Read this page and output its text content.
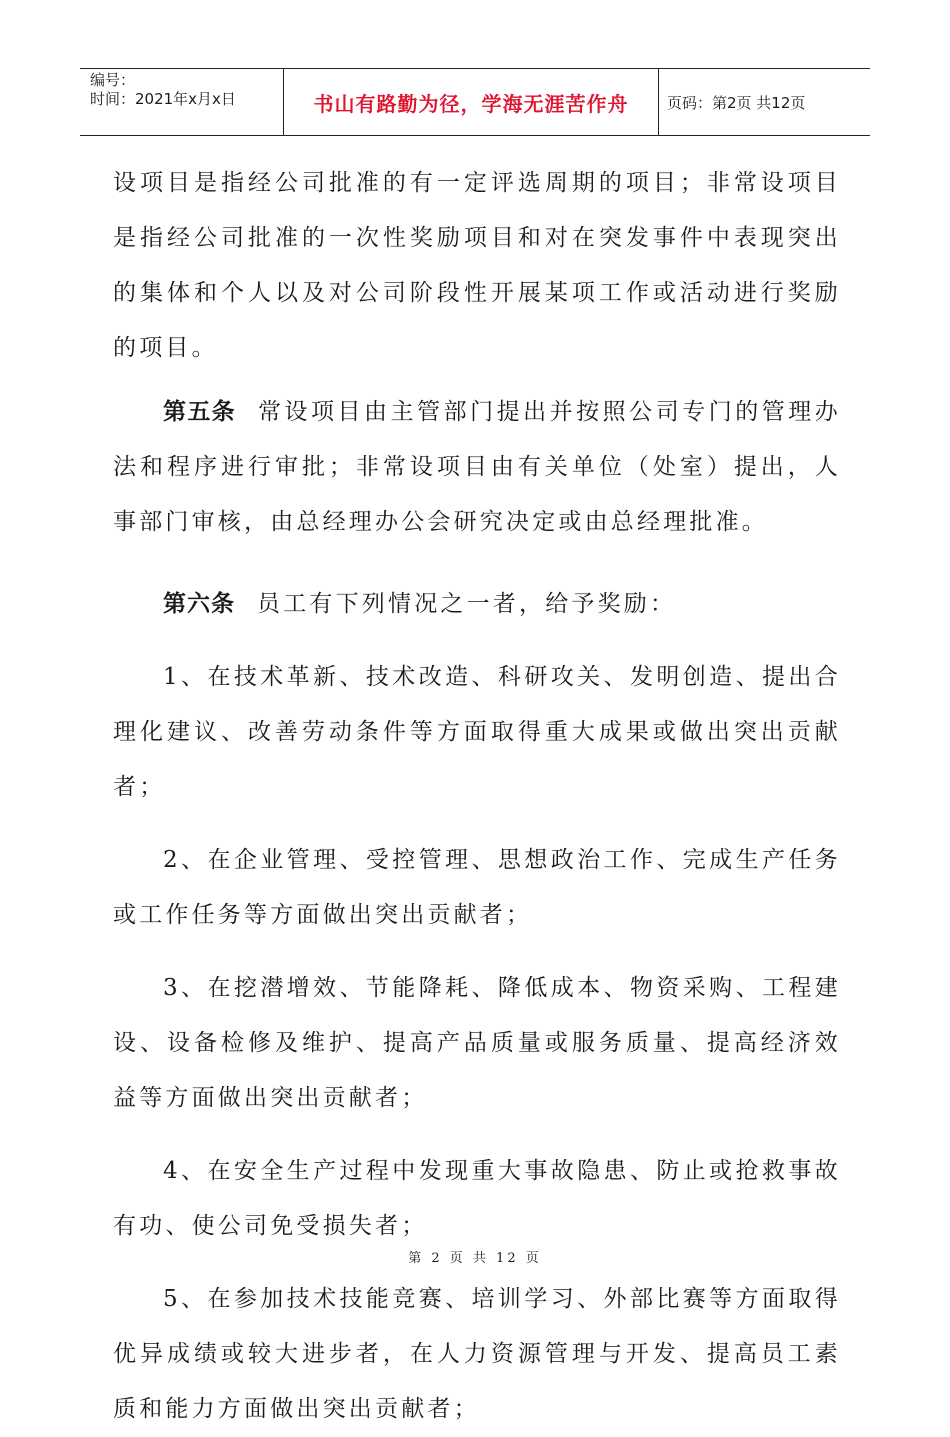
编号：
时间：2021年x月x日	书山有路勤为径，学海无涯苦作舟	页码：第2页 共12页

设项目是指经公司批准的有一定评选周期的项目；非常设项目是指经公司批准的一次性奖励项目和对在突发事件中表现突出的集体和个人以及对公司阶段性开展某项工作或活动进行奖励的项目。

第五条 常设项目由主管部门提出并按照公司专门的管理办法和程序进行审批；非常设项目由有关单位（处室）提出，人事部门审核，由总经理办公会研究决定或由总经理批准。

第六条 员工有下列情况之一者，给予奖励：

1、在技术革新、技术改造、科研攻关、发明创造、提出合理化建议、改善劳动条件等方面取得重大成果或做出突出贡献者；

2、在企业管理、受控管理、思想政治工作、完成生产任务或工作任务等方面做出突出贡献者；

3、在挖潜增效、节能降耗、降低成本、物资采购、工程建设、设备检修及维护、提高产品质量或服务质量、提高经济效益等方面做出突出贡献者；

4、在安全生产过程中发现重大事故隐患、防止或抢救事故有功、使公司免受损失者；

5、在参加技术技能竞赛、培训学习、外部比赛等方面取得优异成绩或较大进步者，在人力资源管理与开发、提高员工素质和能力方面做出突出贡献者；

第 2 页 共 12 页
